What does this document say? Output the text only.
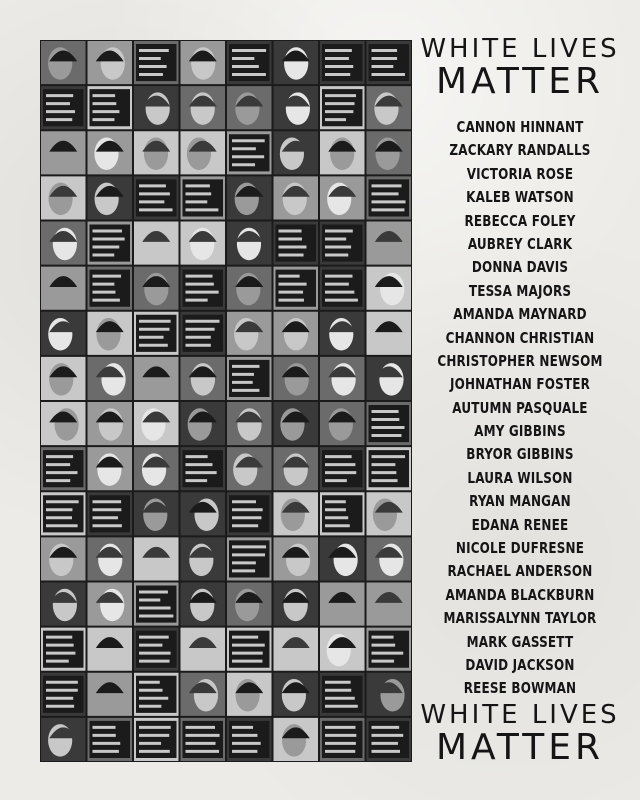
WHITE LIVES
MATTER
CANNON HINNANT
ZACKARY RANDALLS
VICTORIA ROSE
KALEB WATSON
REBECCA FOLEY
AUBREY CLARK
DONNA DAVIS
TESSA MAJORS
AMANDA MAYNARD
CHANNON CHRISTIAN
CHRISTOPHER NEWSOM
JOHNATHAN FOSTER
AUTUMN PASQUALE
AMY GIBBINS
BRYOR GIBBINS
LAURA WILSON
RYAN MANGAN
EDANA RENEE
NICOLE DUFRESNE
RACHAEL ANDERSON
AMANDA BLACKBURN
MARISSALYNN TAYLOR
MARK GASSETT
DAVID JACKSON
REESE BOWMAN
WHITE LIVES
MATTER
